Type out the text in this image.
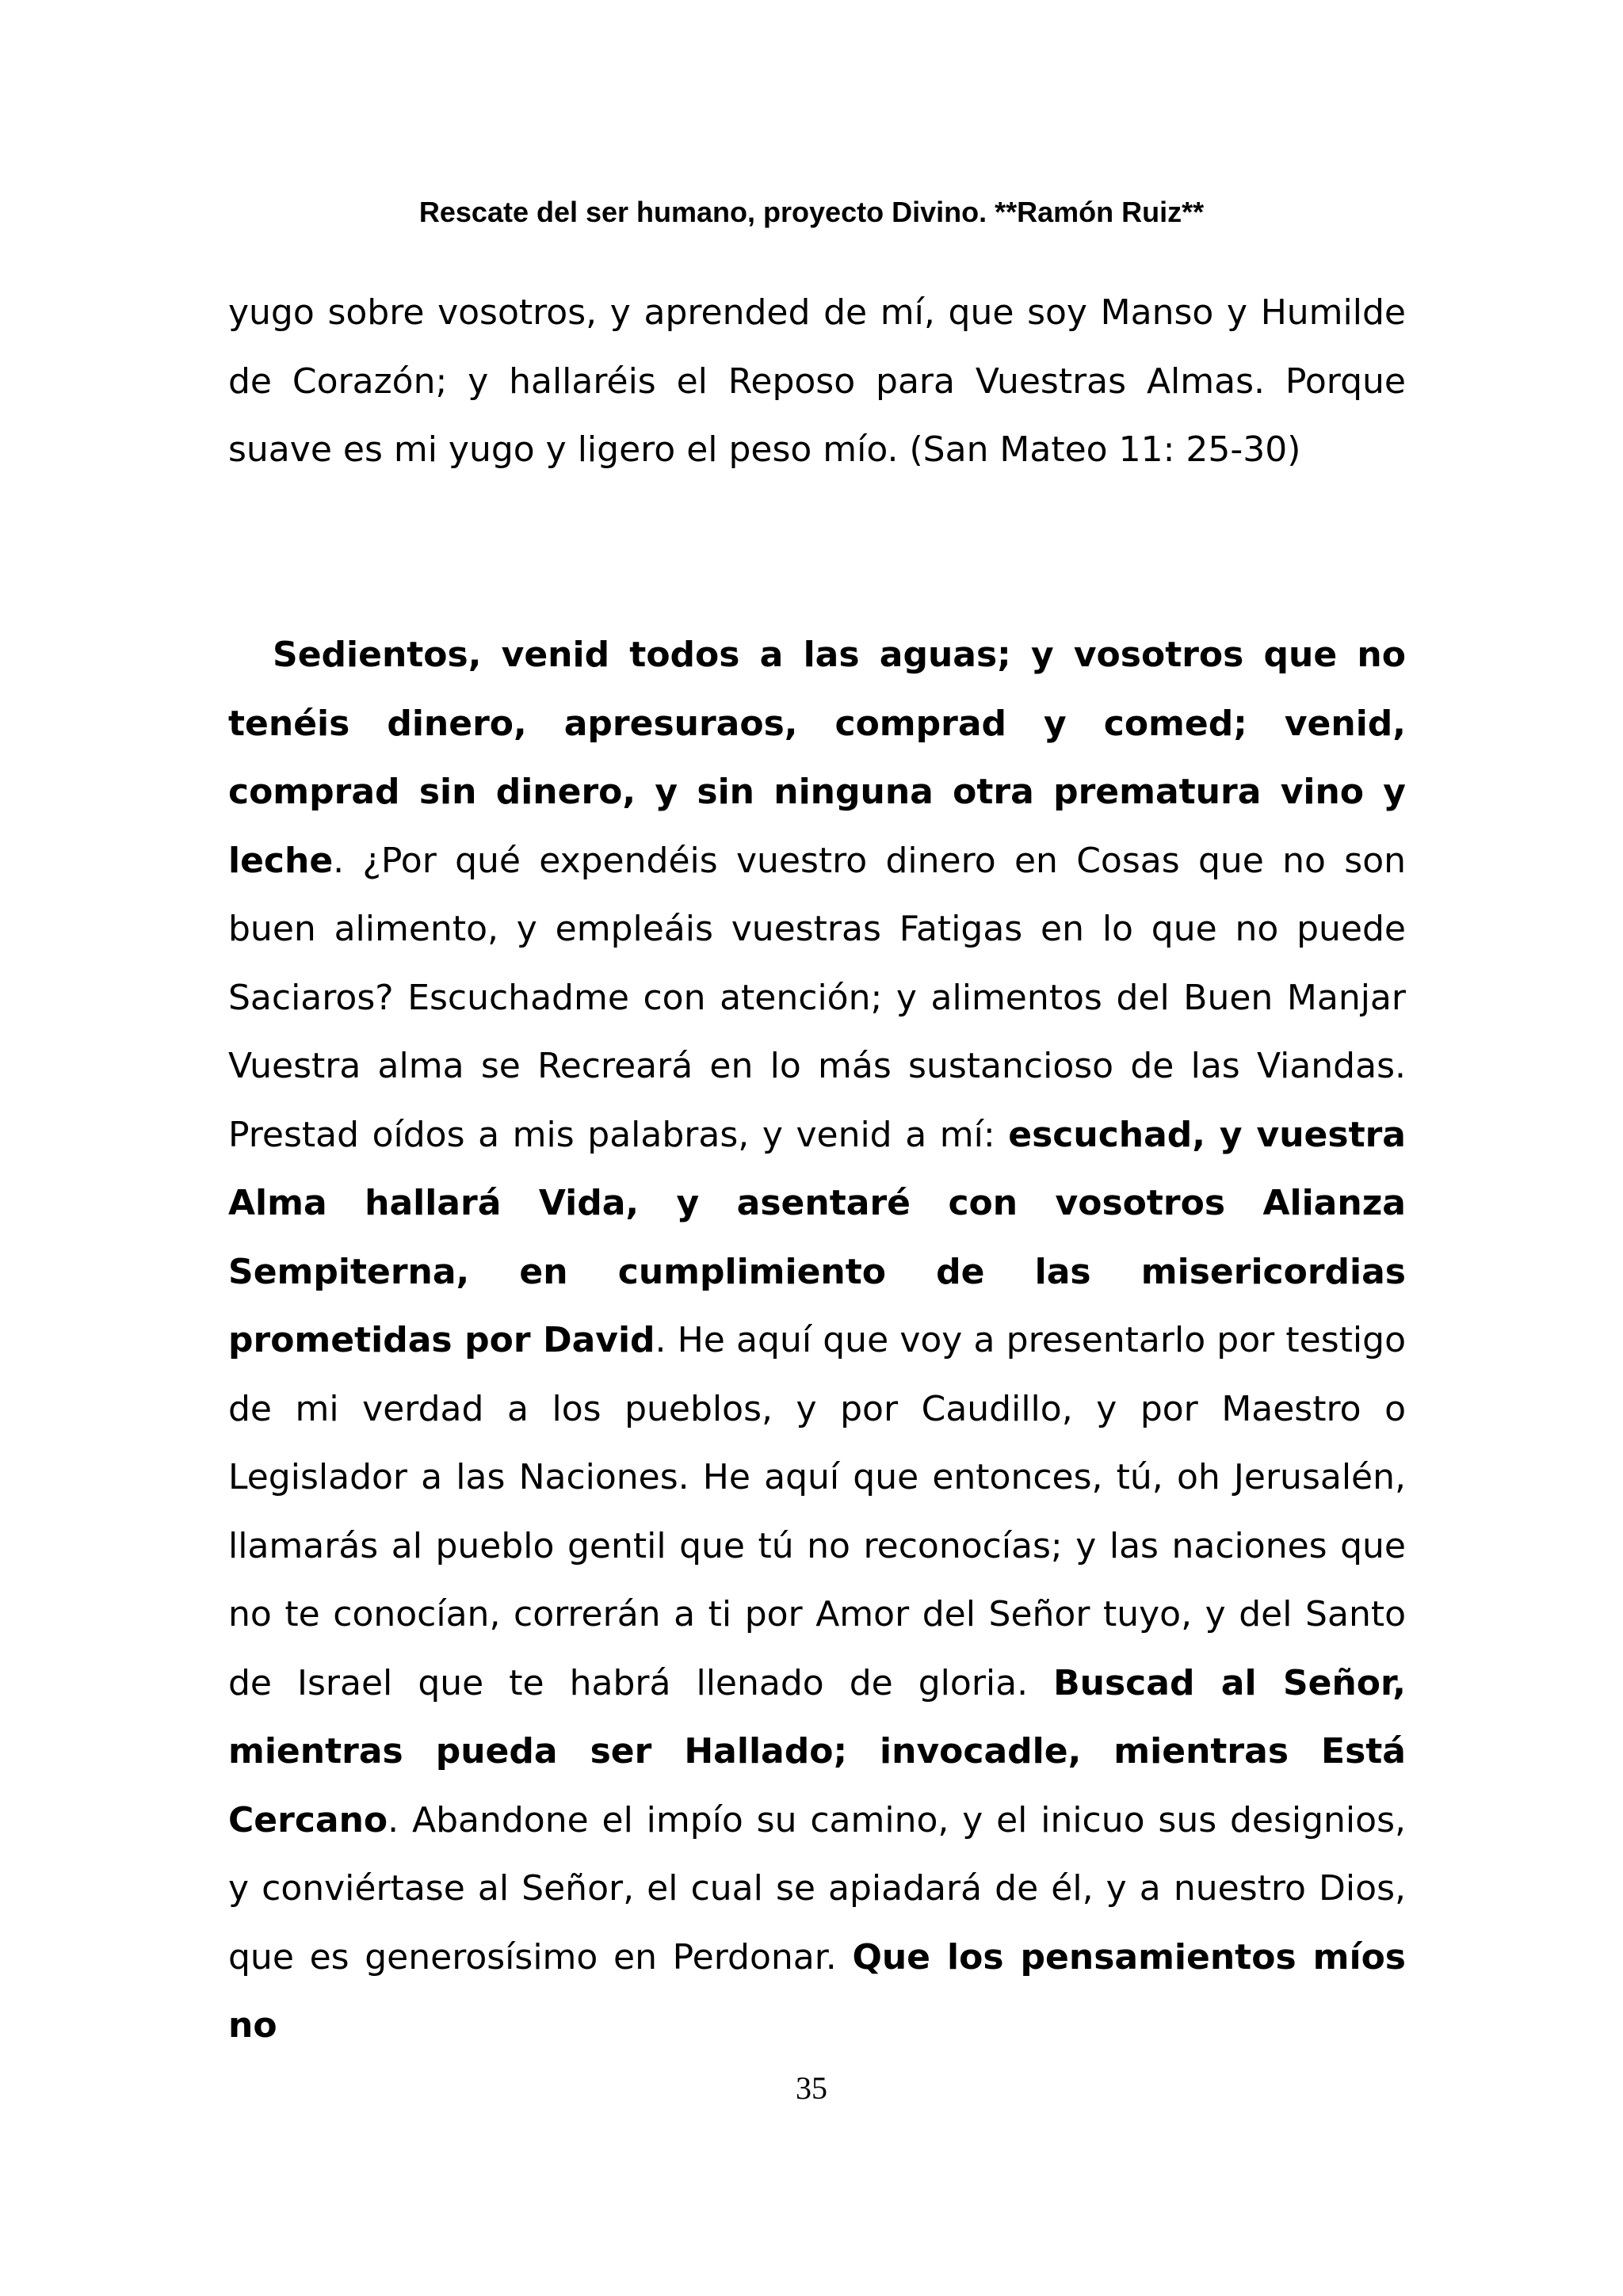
Rescate del ser humano, proyecto Divino. **Ramón Ruiz**

yugo sobre vosotros, y aprended de mí, que soy Manso y Humilde de Corazón; y hallaréis el Reposo para Vuestras Almas. Porque suave es mi yugo y ligero el peso mío. (San Mateo 11: 25-30)

Sedientos, venid todos a las aguas; y vosotros que no tenéis dinero, apresuraos, comprad y comed; venid, comprad sin dinero, y sin ninguna otra prematura vino y leche. ¿Por qué expendéis vuestro dinero en Cosas que no son buen alimento, y empleáis vuestras Fatigas en lo que no puede Saciaros? Escuchadme con atención; y alimentos del Buen Manjar Vuestra alma se Recreará en lo más sustancioso de las Viandas. Prestad oídos a mis palabras, y venid a mí: escuchad, y vuestra Alma hallará Vida, y asentaré con vosotros Alianza Sempiterna, en cumplimiento de las misericordias prometidas por David. He aquí que voy a presentarlo por testigo de mi verdad a los pueblos, y por Caudillo, y por Maestro o Legislador a las Naciones. He aquí que entonces, tú, oh Jerusalén, llamarás al pueblo gentil que tú no reconocías; y las naciones que no te conocían, correrán a ti por Amor del Señor tuyo, y del Santo de Israel que te habrá llenado de gloria. Buscad al Señor, mientras pueda ser Hallado; invocadle, mientras Está Cercano. Abandone el impío su camino, y el inicuo sus designios, y conviértase al Señor, el cual se apiadará de él, y a nuestro Dios, que es generosísimo en Perdonar. Que los pensamientos míos no

35
